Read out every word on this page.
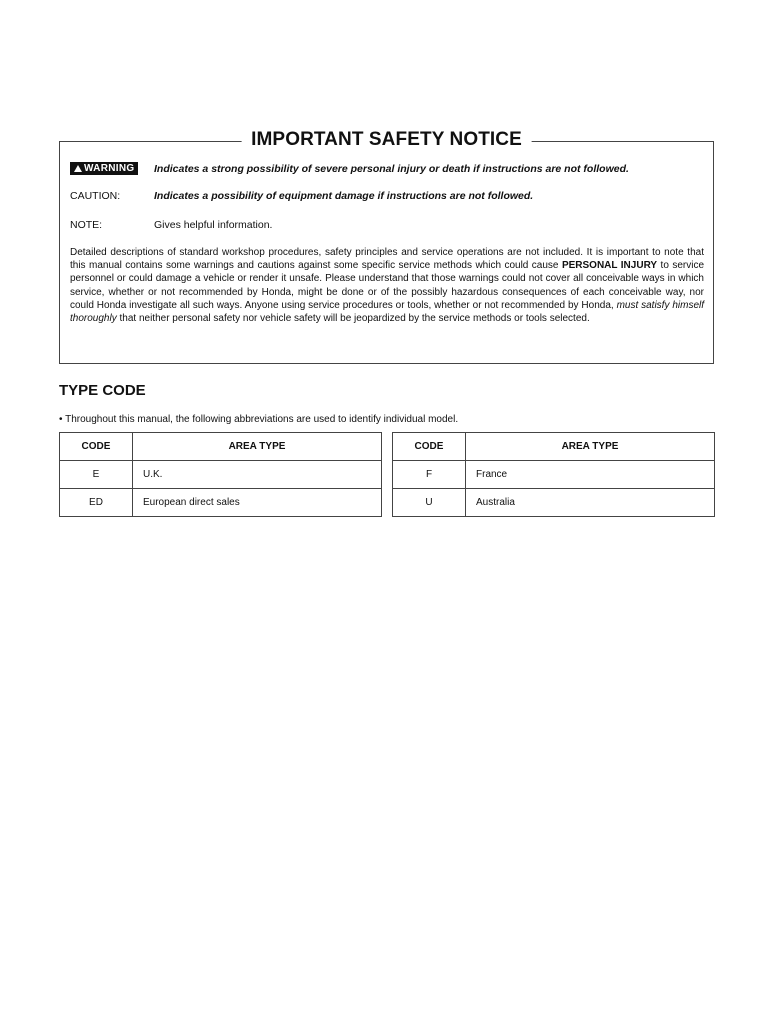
IMPORTANT SAFETY NOTICE
WARNING Indicates a strong possibility of severe personal injury or death if instructions are not followed.
CAUTION:	Indicates a possibility of equipment damage if instructions are not followed.
NOTE:	Gives helpful information.
Detailed descriptions of standard workshop procedures, safety principles and service operations are not included. It is important to note that this manual contains some warnings and cautions against some specific service methods which could cause PERSONAL INJURY to service personnel or could damage a vehicle or render it unsafe. Please understand that those warnings could not cover all conceivable ways in which service, whether or not recommended by Honda, might be done or of the possibly hazardous consequences of each conceivable way, nor could Honda investigate all such ways. Anyone using service procedures or tools, whether or not recommended by Honda, must satisfy himself thoroughly that neither personal safety nor vehicle safety will be jeopardized by the service methods or tools selected.
TYPE CODE
• Throughout this manual, the following abbreviations are used to identify individual model.
CODE	AREA TYPE
E	U.K.
ED	European direct sales
CODE	AREA TYPE
F	France
U	Australia
